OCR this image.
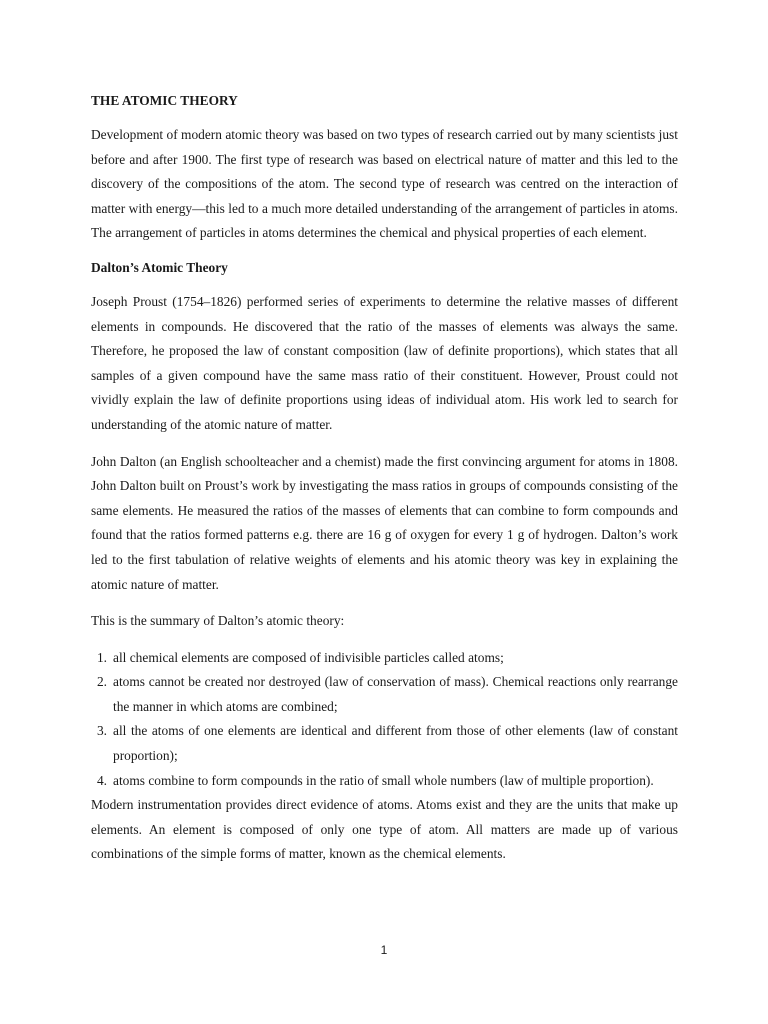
THE ATOMIC THEORY

Development of modern atomic theory was based on two types of research carried out by many scientists just before and after 1900. The first type of research was based on electrical nature of matter and this led to the discovery of the compositions of the atom. The second type of research was centred on the interaction of matter with energy—this led to a much more detailed understanding of the arrangement of particles in atoms. The arrangement of particles in atoms determines the chemical and physical properties of each element.

Dalton’s Atomic Theory

Joseph Proust (1754–1826) performed series of experiments to determine the relative masses of different elements in compounds. He discovered that the ratio of the masses of elements was always the same. Therefore, he proposed the law of constant composition (law of definite proportions), which states that all samples of a given compound have the same mass ratio of their constituent. However, Proust could not vividly explain the law of definite proportions using ideas of individual atom. His work led to search for understanding of the atomic nature of matter.

John Dalton (an English schoolteacher and a chemist) made the first convincing argument for atoms in 1808. John Dalton built on Proust’s work by investigating the mass ratios in groups of compounds consisting of the same elements. He measured the ratios of the masses of elements that can combine to form compounds and found that the ratios formed patterns e.g. there are 16 g of oxygen for every 1 g of hydrogen. Dalton’s work led to the first tabulation of relative weights of elements and his atomic theory was key in explaining the atomic nature of matter.

This is the summary of Dalton’s atomic theory:

1. all chemical elements are composed of indivisible particles called atoms;
2. atoms cannot be created nor destroyed (law of conservation of mass). Chemical reactions only rearrange the manner in which atoms are combined;
3. all the atoms of one elements are identical and different from those of other elements (law of constant proportion);
4. atoms combine to form compounds in the ratio of small whole numbers (law of multiple proportion).

Modern instrumentation provides direct evidence of atoms. Atoms exist and they are the units that make up elements. An element is composed of only one type of atom. All matters are made up of various combinations of the simple forms of matter, known as the chemical elements.

1
